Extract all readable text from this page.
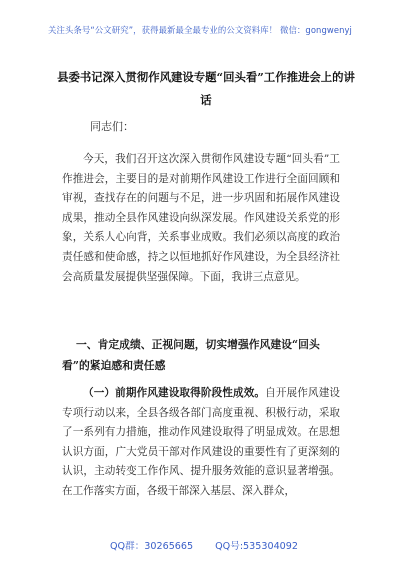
关注头条号“公文研究”，获得最新最全最专业的公文资料库！ 微信：gongwenyj
县委书记深入贯彻作风建设专题“回头看”工作推进会上的讲话
同志们：

今天，我们召开这次深入贯彻作风建设专题“回头看”工作推进会，主要目的是对前期作风建设工作进行全面回顾和审视，查找存在的问题与不足，进一步巩固和拓展作风建设成果，推动全县作风建设向纵深发展。作风建设关系党的形象，关系人心向背，关系事业成败。我们必须以高度的政治责任感和使命感，持之以恒地抓好作风建设，为全县经济社会高质量发展提供坚强保障。下面，我讲三点意见。

一、肯定成绩、正视问题，切实增强作风建设“回头看”的紧迫感和责任感

（一）前期作风建设取得阶段性成效。自开展作风建设专项行动以来，全县各级各部门高度重视、积极行动，采取了一系列有力措施，推动作风建设取得了明显成效。在思想认识方面，广大党员干部对作风建设的重要性有了更深刻的认识，主动转变工作作风、提升服务效能的意识显著增强。在工作落实方面，各级干部深入基层、深入群众，

QQ群：30265665 QQ号:535304092
